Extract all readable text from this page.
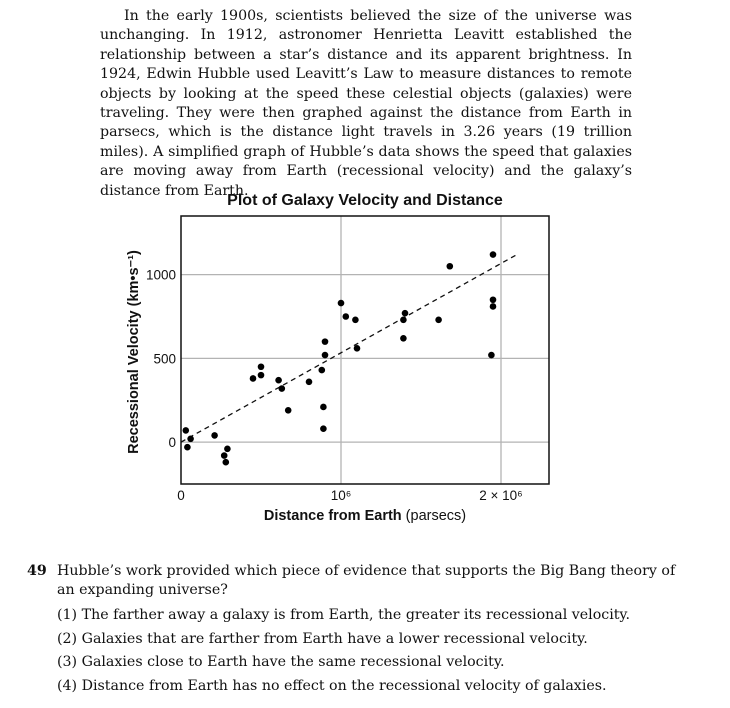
In the early 1900s, scientists believed the size of the universe was unchanging. In 1912, astronomer Henrietta Leavitt established the relationship between a star’s distance and its apparent brightness. In 1924, Edwin Hubble used Leavitt’s Law to measure distances to remote objects by looking at the speed these celestial objects (galaxies) were traveling. They were then graphed against the distance from Earth in parsecs, which is the distance light travels in 3.26 years (19 trillion miles). A simplified graph of Hubble’s data shows the speed that galaxies are moving away from Earth (recessional velocity) and the galaxy’s distance from Earth.

Plot of Galaxy Velocity and Distance
0	10⁶	2 × 10⁶
0
500
1000
Distance from Earth (parsecs)
Recessional Velocity (km•s⁻¹)
49 Hubble’s work provided which piece of evidence that supports the Big Bang theory of an expanding universe?
(1) The farther away a galaxy is from Earth, the greater its recessional velocity.
(2) Galaxies that are farther from Earth have a lower recessional velocity.
(3) Galaxies close to Earth have the same recessional velocity.
(4) Distance from Earth has no effect on the recessional velocity of galaxies.
